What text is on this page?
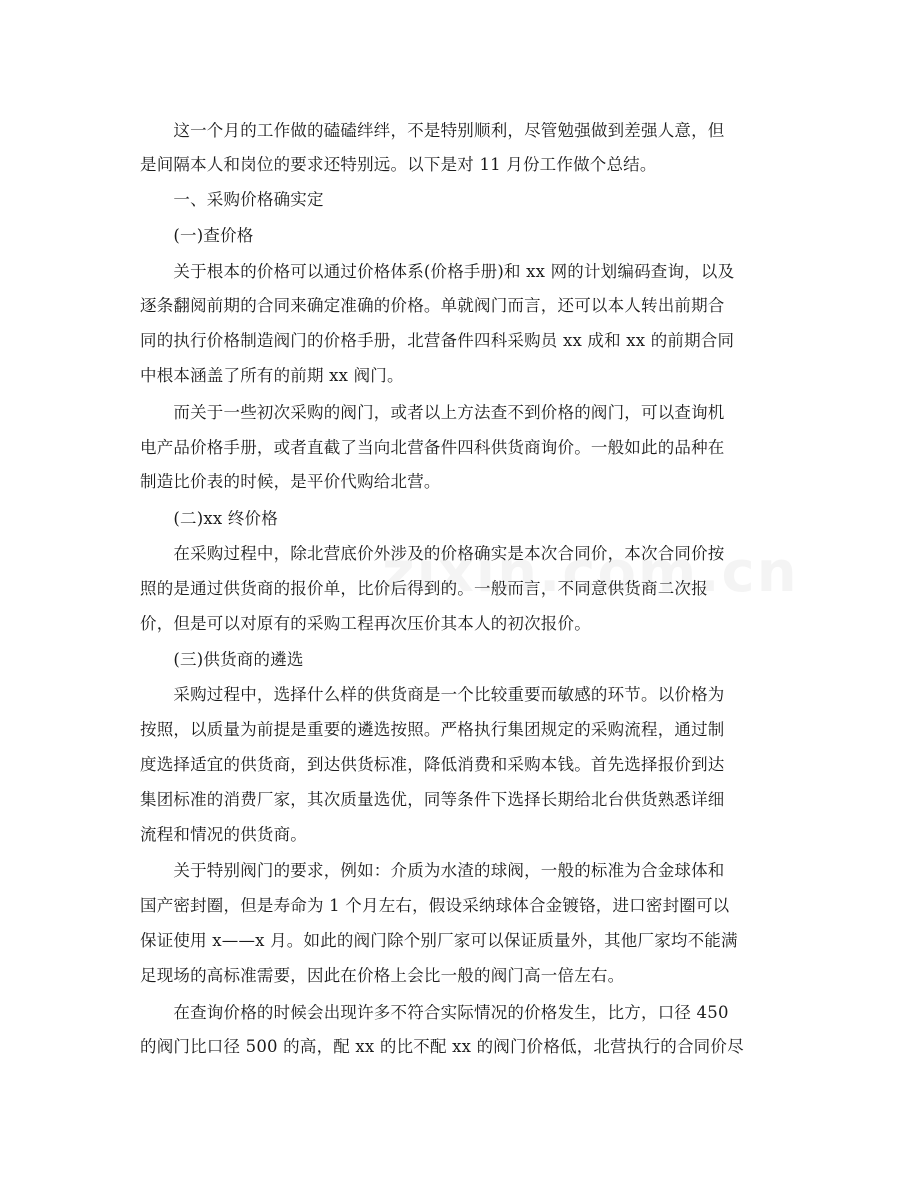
　　这一个月的工作做的磕磕绊绊，不是特别顺利，尽管勉强做到差强人意，但
是间隔本人和岗位的要求还特别远。以下是对 11 月份工作做个总结。
　　一、采购价格确实定
　　(一)查价格
　　关于根本的价格可以通过价格体系(价格手册)和 xx 网的计划编码查询，以及
逐条翻阅前期的合同来确定准确的价格。单就阀门而言，还可以本人转出前期合
同的执行价格制造阀门的价格手册，北营备件四科采购员 xx 成和 xx 的前期合同
中根本涵盖了所有的前期 xx 阀门。
　　而关于一些初次采购的阀门，或者以上方法查不到价格的阀门，可以查询机
电产品价格手册，或者直截了当向北营备件四科供货商询价。一般如此的品种在
制造比价表的时候，是平价代购给北营。
　　(二)xx 终价格
　　在采购过程中，除北营底价外涉及的价格确实是本次合同价，本次合同价按
照的是通过供货商的报价单，比价后得到的。一般而言，不同意供货商二次报
价，但是可以对原有的采购工程再次压价其本人的初次报价。
　　(三)供货商的遴选
　　采购过程中，选择什么样的供货商是一个比较重要而敏感的环节。以价格为
按照，以质量为前提是重要的遴选按照。严格执行集团规定的采购流程，通过制
度选择适宜的供货商，到达供货标准，降低消费和采购本钱。首先选择报价到达
集团标准的消费厂家，其次质量选优，同等条件下选择长期给北台供货熟悉详细
流程和情况的供货商。
　　关于特别阀门的要求，例如：介质为水渣的球阀，一般的标准为合金球体和
国产密封圈，但是寿命为 1 个月左右，假设采纳球体合金镀铬，进口密封圈可以
保证使用 x——x 月。如此的阀门除个别厂家可以保证质量外，其他厂家均不能满
足现场的高标准需要，因此在价格上会比一般的阀门高一倍左右。
　　在查询价格的时候会出现许多不符合实际情况的价格发生，比方，口径 450
的阀门比口径 500 的高，配 xx 的比不配 xx 的阀门价格低，北营执行的合同价尽
